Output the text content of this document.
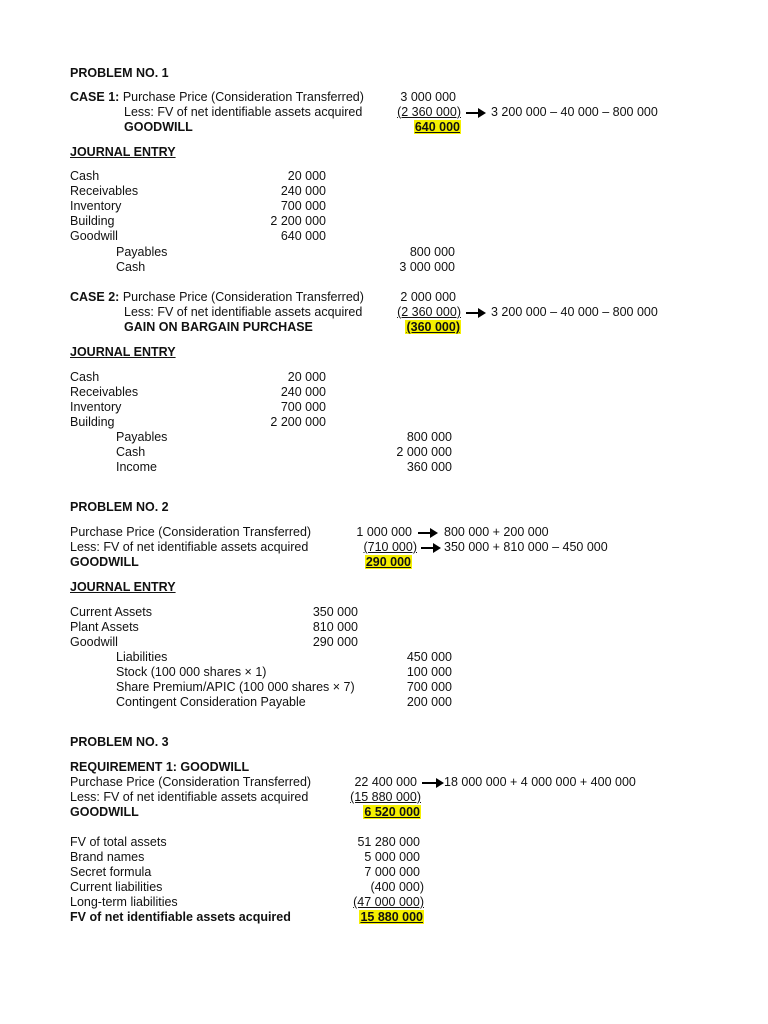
PROBLEM NO. 1
CASE 1: Purchase Price (Consideration Transferred)	3 000 000
Less: FV of net identifiable assets acquired	(2 360 000) 3 200 000 – 40 000 – 800 000
GOODWILL	640 000
JOURNAL ENTRY
Cash	20 000
Receivables	240 000
Inventory	700 000
Building	2 200 000
Goodwill	640 000
Payables	800 000
Cash	3 000 000
CASE 2: Purchase Price (Consideration Transferred)	2 000 000
Less: FV of net identifiable assets acquired	(2 360 000) 3 200 000 – 40 000 – 800 000
GAIN ON BARGAIN PURCHASE	(360 000)
JOURNAL ENTRY
Cash	20 000
Receivables	240 000
Inventory	700 000
Building	2 200 000
Payables	800 000
Cash	2 000 000
Income	360 000
PROBLEM NO. 2
Purchase Price (Consideration Transferred)	1 000 000	800 000 + 200 000
Less: FV of net identifiable assets acquired	(710 000) 350 000 + 810 000 – 450 000
GOODWILL	290 000
JOURNAL ENTRY
Current Assets	350 000
Plant Assets	810 000
Goodwill	290 000
Liabilities	450 000
Stock (100 000 shares × 1)	100 000
Share Premium/APIC (100 000 shares × 7)	700 000
Contingent Consideration Payable	200 000
PROBLEM NO. 3
REQUIREMENT 1: GOODWILL
Purchase Price (Consideration Transferred)	22 400 000 18 000 000 + 4 000 000 + 400 000
Less: FV of net identifiable assets acquired	(15 880 000)
GOODWILL	6 520 000
FV of total assets	51 280 000
Brand names	5 000 000
Secret formula	7 000 000
Current liabilities	(400 000)
Long-term liabilities	(47 000 000)
FV of net identifiable assets acquired	15 880 000
